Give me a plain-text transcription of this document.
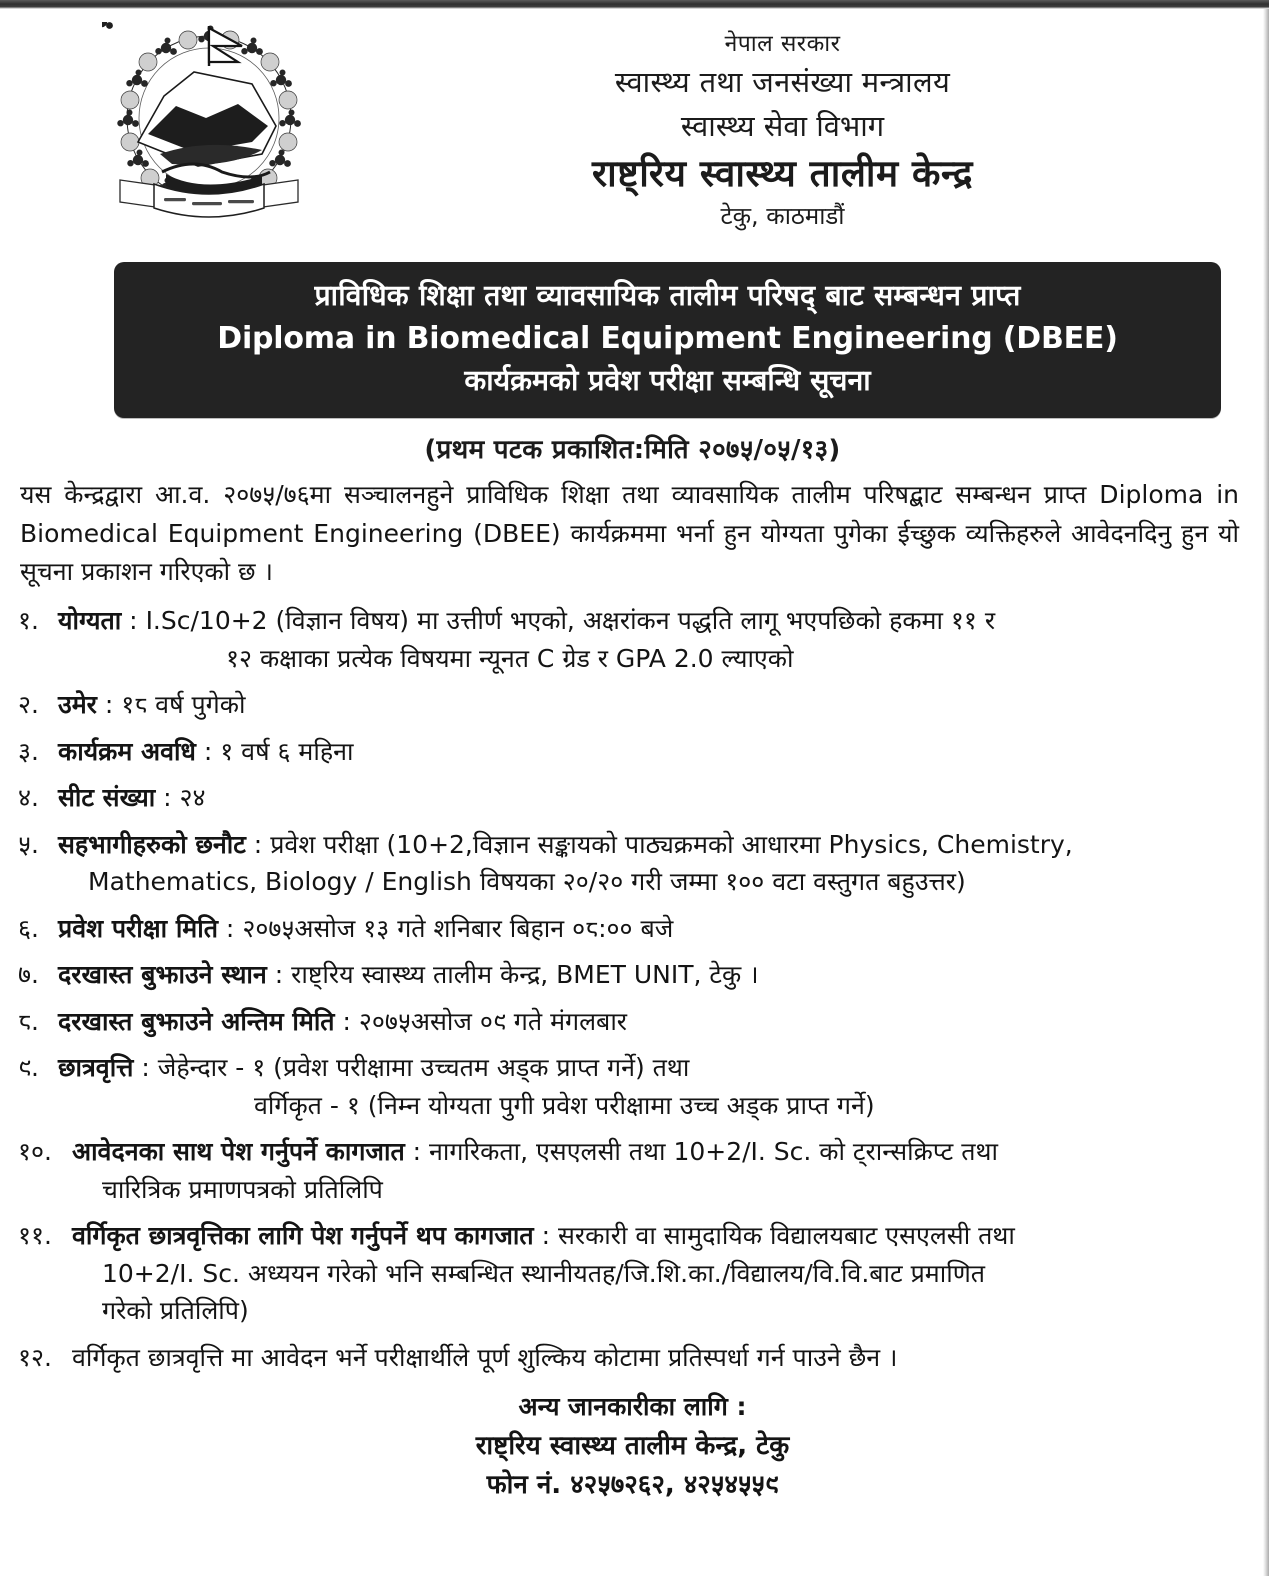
नेपाल सरकार
स्वास्थ्य तथा जनसंख्या मन्त्रालय
स्वास्थ्य सेवा विभाग
राष्ट्रिय स्वास्थ्य तालीम केन्द्र
टेकु, काठमाडौं
प्राविधिक शिक्षा तथा व्यावसायिक तालीम परिषद् बाट सम्बन्धन प्राप्त
Diploma in Biomedical Equipment Engineering (DBEE)
कार्यक्रमको प्रवेश परीक्षा सम्बन्धि सूचना
(प्रथम पटक प्रकाशित:मिति २०७५/०५/१३)

यस केन्द्रद्वारा आ.व. २०७५/७६मा सञ्चालनहुने प्राविधिक शिक्षा तथा व्यावसायिक तालीम परिषद्बाट सम्बन्धन प्राप्त Diploma in Biomedical Equipment Engineering (DBEE) कार्यक्रममा भर्ना हुन योग्यता पुगेका ईच्छुक व्यक्तिहरुले आवेदनदिनु हुन यो सूचना प्रकाशन गरिएको छ ।

१. योग्यता : I.Sc/10+2 (विज्ञान विषय) मा उत्तीर्ण भएको, अक्षरांकन पद्धति लागू भएपछिको हकमा ११ र
१२ कक्षाका प्रत्येक विषयमा न्यूनत C ग्रेड र GPA 2.0 ल्याएको
२. उमेर : १८ वर्ष पुगेको
३. कार्यक्रम अवधि : १ वर्ष ६ महिना
४. सीट संख्या : २४
५. सहभागीहरुको छनौट : प्रवेश परीक्षा (10+2,विज्ञान सङ्कायको पाठ्यक्रमको आधारमा Physics, Chemistry,
Mathematics, Biology / English विषयका २०/२० गरी जम्मा १०० वटा वस्तुगत बहुउत्तर)
६. प्रवेश परीक्षा मिति : २०७५असोज १३ गते शनिबार बिहान ०८:०० बजे
७. दरखास्त बुझाउने स्थान : राष्ट्रिय स्वास्थ्य तालीम केन्द्र, BMET UNIT, टेकु ।
८. दरखास्त बुझाउने अन्तिम मिति : २०७५असोज ०९ गते मंगलबार
९. छात्रवृत्ति : जेहेन्दार - १ (प्रवेश परीक्षामा उच्चतम अड्क प्राप्त गर्ने) तथा
वर्गिकृत - १ (निम्न योग्यता पुगी प्रवेश परीक्षामा उच्च अड्क प्राप्त गर्ने)
१०. आवेदनका साथ पेश गर्नुपर्ने कागजात : नागरिकता, एसएलसी तथा 10+2/I. Sc. को ट्रान्सक्रिप्ट तथा
चारित्रिक प्रमाणपत्रको प्रतिलिपि
११. वर्गिकृत छात्रवृत्तिका लागि पेश गर्नुपर्ने थप कागजात : सरकारी वा सामुदायिक विद्यालयबाट एसएलसी तथा
10+2/I. Sc. अध्ययन गरेको भनि सम्बन्धित स्थानीयतह/जि.शि.का./विद्यालय/वि.वि.बाट प्रमाणित
गरेको प्रतिलिपि)
१२. वर्गिकृत छात्रवृत्ति मा आवेदन भर्ने परीक्षार्थीले पूर्ण शुल्किय कोटामा प्रतिस्पर्धा गर्न पाउने छैन ।
अन्य जानकारीका लागि :
राष्ट्रिय स्वास्थ्य तालीम केन्द्र, टेकु
फोन नं. ४२५७२६२, ४२५४५५९
